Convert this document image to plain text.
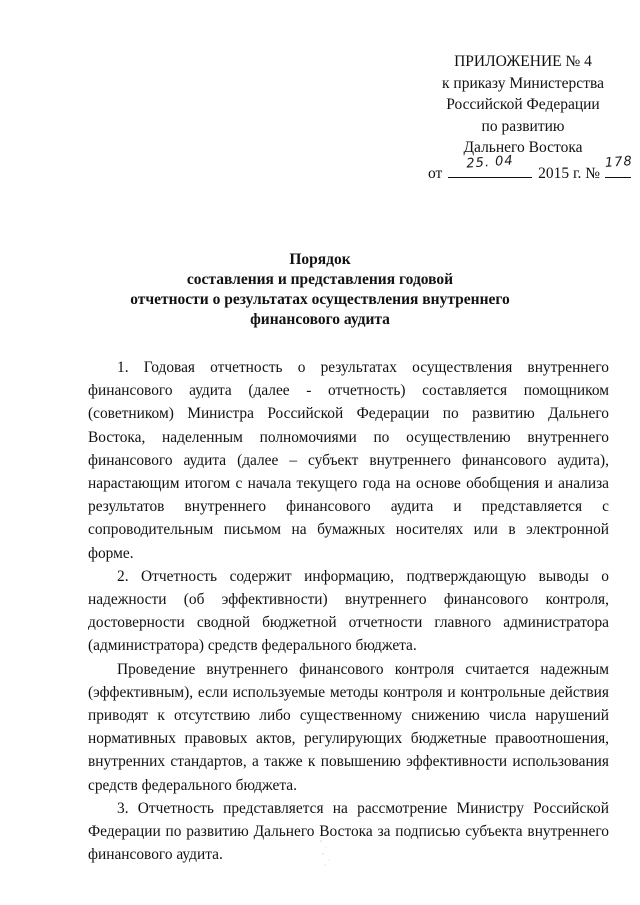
ПРИЛОЖЕНИЕ № 4
к приказу Министерства
Российской Федерации
по развитию
Дальнего Востока
от
25. 04
2015 г. №
178
Порядок
составления и представления годовой
отчетности о результатах осуществления внутреннего
финансового аудита

1. Годовая отчетность о результатах осуществления внутреннего финансового аудита (далее - отчетность) составляется помощником (советником) Министра Российской Федерации по развитию Дальнего Востока, наделенным полномочиями по осуществлению внутреннего финансового аудита (далее – субъект внутреннего финансового аудита), нарастающим итогом с начала текущего года на основе обобщения и анализа результатов внутреннего финансового аудита и представляется с сопроводительным письмом на бумажных носителях или в электронной форме.

2. Отчетность содержит информацию, подтверждающую выводы о надежности (об эффективности) внутреннего финансового контроля, достоверности сводной бюджетной отчетности главного администратора (администратора) средств федерального бюджета.

Проведение внутреннего финансового контроля считается надежным (эффективным), если используемые методы контроля и контрольные действия приводят к отсутствию либо существенному снижению числа нарушений нормативных правовых актов, регулирующих бюджетные правоотношения, внутренних стандартов, а также к повышению эффективности использования средств федерального бюджета.

3. Отчетность представляется на рассмотрение Министру Российской Федерации по развитию Дальнего Востока за подписью субъекта внутреннего финансового аудита.
